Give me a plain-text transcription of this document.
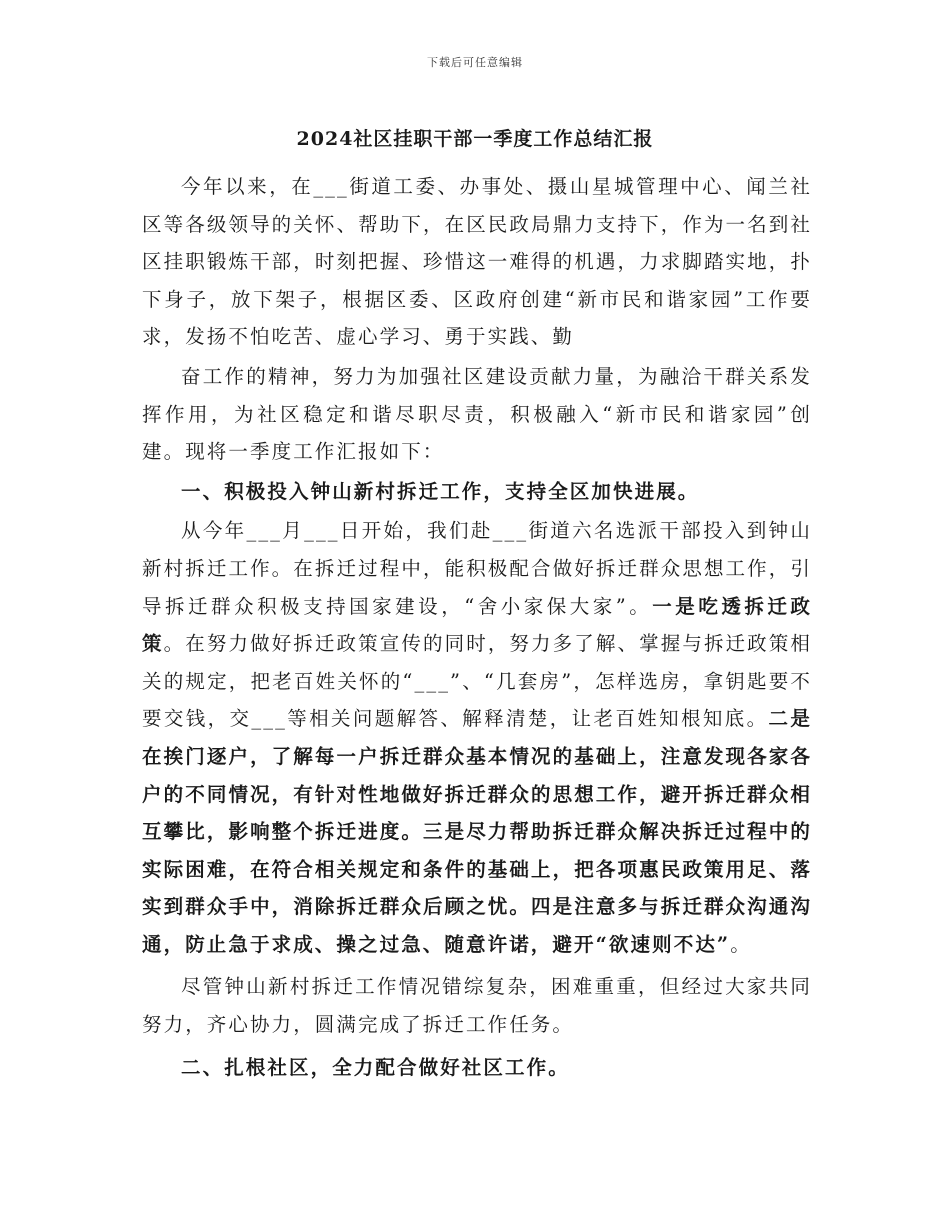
下载后可任意编辑
2024社区挂职干部一季度工作总结汇报

今年以来，在___街道工委、办事处、摄山星城管理中心、闻兰社区等各级领导的关怀、帮助下，在区民政局鼎力支持下，作为一名到社区挂职锻炼干部，时刻把握、珍惜这一难得的机遇，力求脚踏实地，扑下身子，放下架子，根据区委、区政府创建“新市民和谐家园”工作要求，发扬不怕吃苦、虚心学习、勇于实践、勤

奋工作的精神，努力为加强社区建设贡献力量，为融洽干群关系发挥作用，为社区稳定和谐尽职尽责，积极融入“新市民和谐家园”创建。现将一季度工作汇报如下：

一、积极投入钟山新村拆迁工作，支持全区加快进展。

从今年___月___日开始，我们赴___街道六名选派干部投入到钟山新村拆迁工作。在拆迁过程中，能积极配合做好拆迁群众思想工作，引导拆迁群众积极支持国家建设，“舍小家保大家”。一是吃透拆迁政策。在努力做好拆迁政策宣传的同时，努力多了解、掌握与拆迁政策相关的规定，把老百姓关怀的“___”、“几套房”，怎样选房，拿钥匙要不要交钱，交___等相关问题解答、解释清楚，让老百姓知根知底。二是在挨门逐户，了解每一户拆迁群众基本情况的基础上，注意发现各家各户的不同情况，有针对性地做好拆迁群众的思想工作，避开拆迁群众相互攀比，影响整个拆迁进度。三是尽力帮助拆迁群众解决拆迁过程中的实际困难，在符合相关规定和条件的基础上，把各项惠民政策用足、落实到群众手中，消除拆迁群众后顾之忧。四是注意多与拆迁群众沟通沟通，防止急于求成、操之过急、随意许诺，避开“欲速则不达”。

尽管钟山新村拆迁工作情况错综复杂，困难重重，但经过大家共同努力，齐心协力，圆满完成了拆迁工作任务。

二、扎根社区，全力配合做好社区工作。
